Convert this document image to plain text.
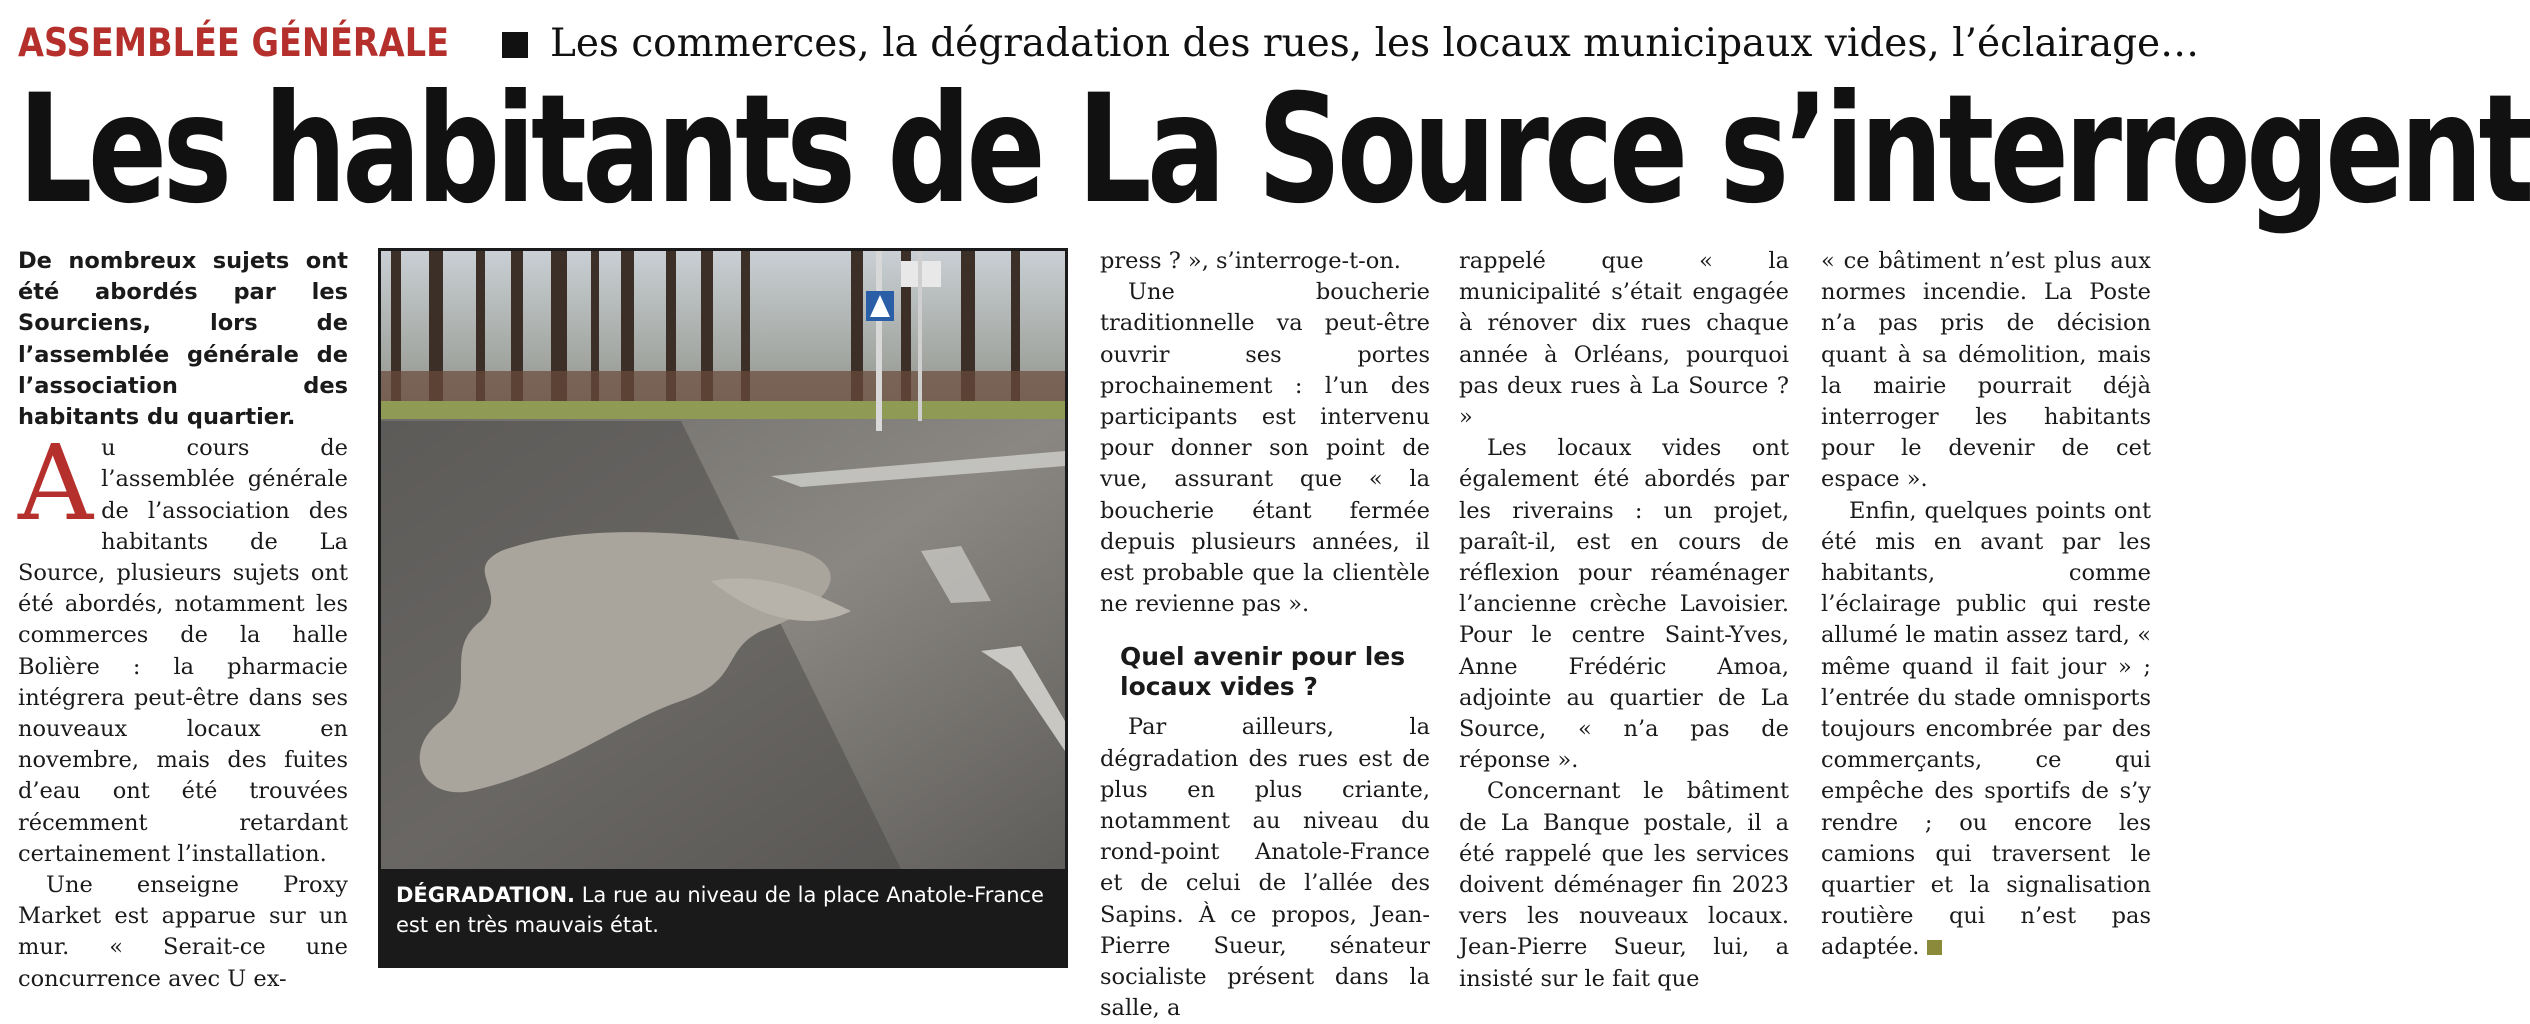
ASSEMBLÉE GÉNÉRALE	Les commerces, la dégradation des rues, les locaux municipaux vides, l’éclairage…
Les habitants de La Source s’interrogent

De nombreux sujets ont été abordés par les Sourciens, lors de l’assemblée générale de l’association des habitants du quartier.

Au cours de l’assemblée générale de l’association des habitants de La Source, plusieurs sujets ont été abordés, notamment les commerces de la halle Bolière : la pharmacie intégrera peut-être dans ses nouveaux locaux en novembre, mais des fuites d’eau ont été trouvées récemment retardant certainement l’installation.

Une enseigne Proxy Market est apparue sur un mur. « Serait-ce une concurrence avec U ex-

DÉGRADATION. La rue au niveau de la place Anatole-France est en très mauvais état.

press ? », s’interroge-t-on.

Une boucherie traditionnelle va peut-être ouvrir ses portes prochainement : l’un des participants est intervenu pour donner son point de vue, assurant que « la boucherie étant fermée depuis plusieurs années, il est probable que la clientèle ne revienne pas ».

Quel avenir pour les locaux vides ?

Par ailleurs, la dégradation des rues est de plus en plus criante, notamment au niveau du rond-point Anatole-France et de celui de l’allée des Sapins. À ce propos, Jean-Pierre Sueur, sénateur socialiste présent dans la salle, a

rappelé que « la municipalité s’était engagée à rénover dix rues chaque année à Orléans, pourquoi pas deux rues à La Source ? »

Les locaux vides ont également été abordés par les riverains : un projet, paraît-il, est en cours de réflexion pour réaménager l’ancienne crèche Lavoisier. Pour le centre Saint-Yves, Anne Frédéric Amoa, adjointe au quartier de La Source, « n’a pas de réponse ».

Concernant le bâtiment de La Banque postale, il a été rappelé que les services doivent déménager fin 2023 vers les nouveaux locaux. Jean-Pierre Sueur, lui, a insisté sur le fait que

« ce bâtiment n’est plus aux normes incendie. La Poste n’a pas pris de décision quant à sa démolition, mais la mairie pourrait déjà interroger les habitants pour le devenir de cet espace ».

Enfin, quelques points ont été mis en avant par les habitants, comme l’éclairage public qui reste allumé le matin assez tard, « même quand il fait jour » ; l’entrée du stade omnisports toujours encombrée par des commerçants, ce qui empêche des sportifs de s’y rendre ; ou encore les camions qui traversent le quartier et la signalisation routière qui n’est pas adaptée.
